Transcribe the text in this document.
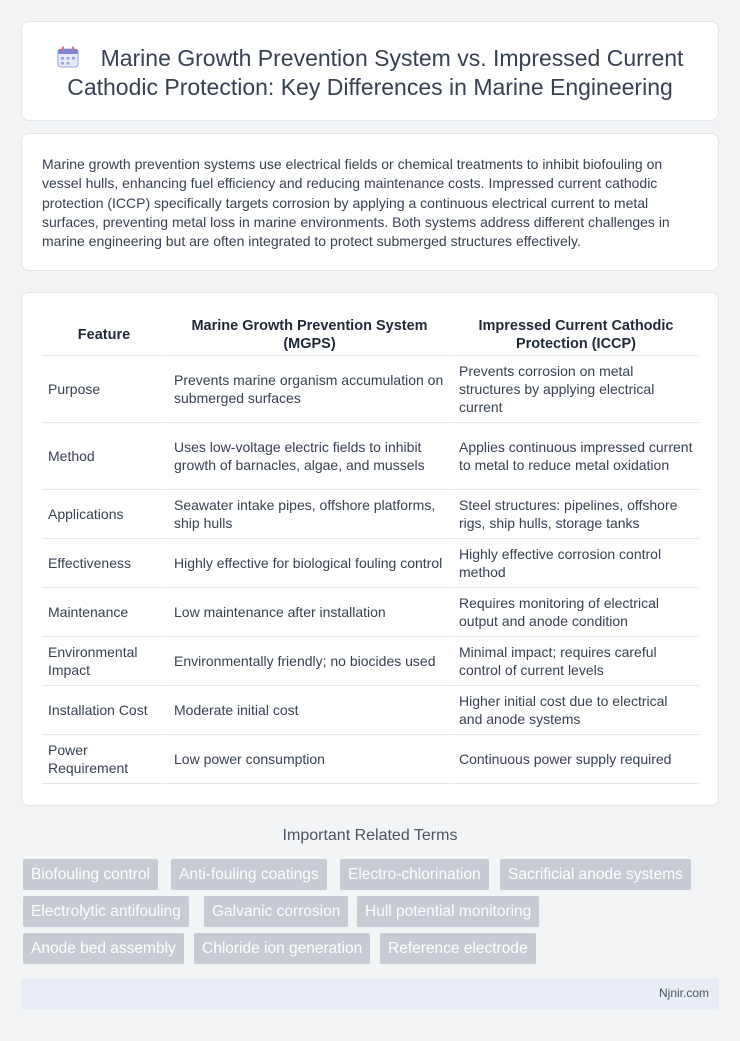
Marine Growth Prevention System vs. Impressed Current Cathodic Protection: Key Differences in Marine Engineering

Marine growth prevention systems use electrical fields or chemical treatments to inhibit biofouling on vessel hulls, enhancing fuel efficiency and reducing maintenance costs. Impressed current cathodic protection (ICCP) specifically targets corrosion by applying a continuous electrical current to metal surfaces, preventing metal loss in marine environments. Both systems address different challenges in marine engineering but are often integrated to protect submerged structures effectively.

Feature	Marine Growth Prevention System (MGPS)	Impressed Current Cathodic Protection (ICCP)
Purpose	Prevents marine organism accumulation on submerged surfaces	Prevents corrosion on metal structures by applying electrical current
Method	Uses low-voltage electric fields to inhibit growth of barnacles, algae, and mussels	Applies continuous impressed current to metal to reduce metal oxidation
Applications	Seawater intake pipes, offshore platforms, ship hulls	Steel structures: pipelines, offshore rigs, ship hulls, storage tanks
Effectiveness	Highly effective for biological fouling control	Highly effective corrosion control method
Maintenance	Low maintenance after installation	Requires monitoring of electrical output and anode condition
Environmental Impact	Environmentally friendly; no biocides used	Minimal impact; requires careful control of current levels
Installation Cost	Moderate initial cost	Higher initial cost due to electrical and anode systems
Power Requirement	Low power consumption	Continuous power supply required
Important Related Terms
Biofouling control	Anti-fouling coatings	Electro-chlorination	Sacrificial anode systems
Electrolytic antifouling	Galvanic corrosion	Hull potential monitoring
Anode bed assembly	Chloride ion generation	Reference electrode
Njnir.com
